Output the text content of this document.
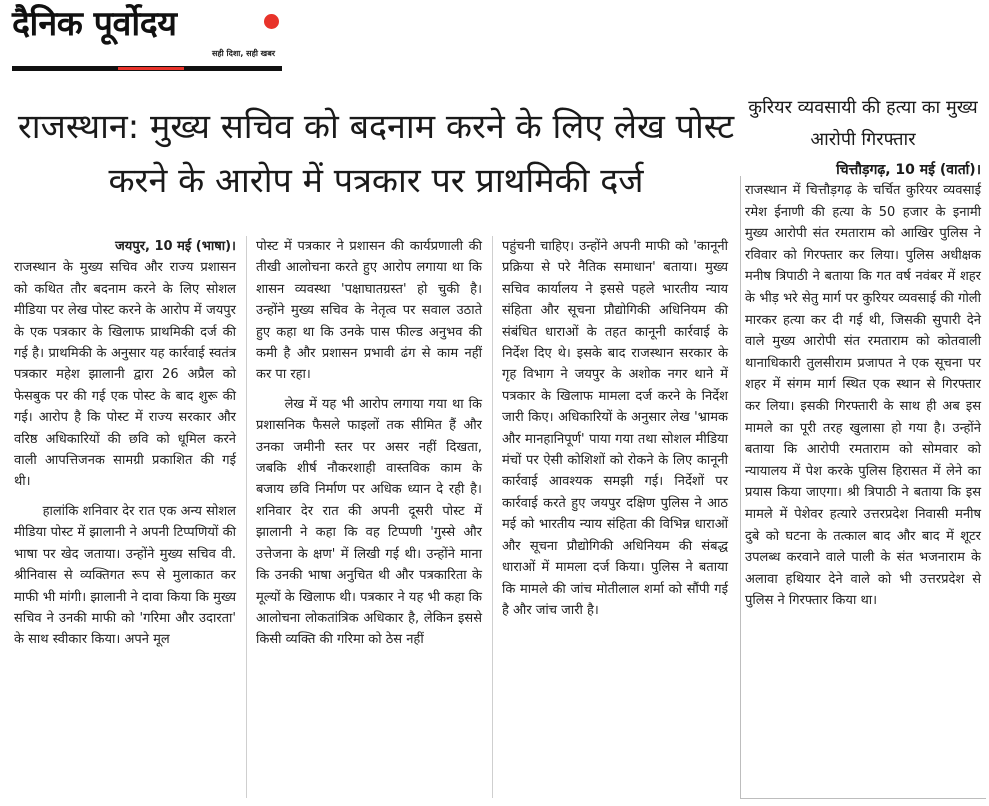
दैनिक पूर्वोदय
सही दिशा, सही खबर
राजस्थान: मुख्य सचिव को बदनाम करने के लिए लेख पोस्ट करने के आरोप में पत्रकार पर प्राथमिकी दर्ज

जयपुर, 10 मई (भाषा)।
राजस्थान के मुख्य सचिव और राज्य प्रशासन को कथित तौर बदनाम करने के लिए सोशल मीडिया पर लेख पोस्ट करने के आरोप में जयपुर के एक पत्रकार के खिलाफ प्राथमिकी दर्ज की गई है। प्राथमिकी के अनुसार यह कार्रवाई स्वतंत्र पत्रकार महेश झालानी द्वारा 26 अप्रैल को फेसबुक पर की गई एक पोस्ट के बाद शुरू की गई। आरोप है कि पोस्ट में राज्य सरकार और वरिष्ठ अधिकारियों की छवि को धूमिल करने वाली आपत्तिजनक सामग्री प्रकाशित की गई थी।

हालांकि शनिवार देर रात एक अन्य सोशल मीडिया पोस्ट में झालानी ने अपनी टिप्पणियों की भाषा पर खेद जताया। उन्होंने मुख्य सचिव वी. श्रीनिवास से व्यक्तिगत रूप से मुलाकात कर माफी भी मांगी। झालानी ने दावा किया कि मुख्य सचिव ने उनकी माफी को 'गरिमा और उदारता' के साथ स्वीकार किया। अपने मूल

पोस्ट में पत्रकार ने प्रशासन की कार्यप्रणाली की तीखी आलोचना करते हुए आरोप लगाया था कि शासन व्यवस्था 'पक्षाघातग्रस्त' हो चुकी है। उन्होंने मुख्य सचिव के नेतृत्व पर सवाल उठाते हुए कहा था कि उनके पास फील्ड अनुभव की कमी है और प्रशासन प्रभावी ढंग से काम नहीं कर पा रहा।

लेख में यह भी आरोप लगाया गया था कि प्रशासनिक फैसले फाइलों तक सीमित हैं और उनका जमीनी स्तर पर असर नहीं दिखता, जबकि शीर्ष नौकरशाही वास्तविक काम के बजाय छवि निर्माण पर अधिक ध्यान दे रही है। शनिवार देर रात की अपनी दूसरी पोस्ट में झालानी ने कहा कि वह टिप्पणी 'गुस्से और उत्तेजना के क्षण' में लिखी गई थी। उन्होंने माना कि उनकी भाषा अनुचित थी और पत्रकारिता के मूल्यों के खिलाफ थी। पत्रकार ने यह भी कहा कि आलोचना लोकतांत्रिक अधिकार है, लेकिन इससे किसी व्यक्ति की गरिमा को ठेस नहीं

पहुंचनी चाहिए। उन्होंने अपनी माफी को 'कानूनी प्रक्रिया से परे नैतिक समाधान' बताया। मुख्य सचिव कार्यालय ने इससे पहले भारतीय न्याय संहिता और सूचना प्रौद्योगिकी अधिनियम की संबंधित धाराओं के तहत कानूनी कार्रवाई के निर्देश दिए थे। इसके बाद राजस्थान सरकार के गृह विभाग ने जयपुर के अशोक नगर थाने में पत्रकार के खिलाफ मामला दर्ज करने के निर्देश जारी किए। अधिकारियों के अनुसार लेख 'भ्रामक और मानहानिपूर्ण' पाया गया तथा सोशल मीडिया मंचों पर ऐसी कोशिशों को रोकने के लिए कानूनी कार्रवाई आवश्यक समझी गई। निर्देशों पर कार्रवाई करते हुए जयपुर दक्षिण पुलिस ने आठ मई को भारतीय न्याय संहिता की विभिन्न धाराओं और सूचना प्रौद्योगिकी अधिनियम की संबद्ध धाराओं में मामला दर्ज किया। पुलिस ने बताया कि मामले की जांच मोतीलाल शर्मा को सौंपी गई है और जांच जारी है।

कुरियर व्यवसायी की हत्या का मुख्य आरोपी गिरफ्तार

चित्तौड़गढ़, 10 मई (वार्ता)।

राजस्थान में चित्तौड़गढ़ के चर्चित कुरियर व्यवसाई रमेश ईनाणी की हत्या के 50 हजार के इनामी मुख्य आरोपी संत रमताराम को आखिर पुलिस ने रविवार को गिरफ्तार कर लिया। पुलिस अधीक्षक मनीष त्रिपाठी ने बताया कि गत वर्ष नवंबर में शहर के भीड़ भरे सेतु मार्ग पर कुरियर व्यवसाई की गोली मारकर हत्या कर दी गई थी, जिसकी सुपारी देने वाले मुख्य आरोपी संत रमताराम को कोतवाली थानाधिकारी तुलसीराम प्रजापत ने एक सूचना पर शहर में संगम मार्ग स्थित एक स्थान से गिरफ्तार कर लिया। इसकी गिरफ्तारी के साथ ही अब इस मामले का पूरी तरह खुलासा हो गया है। उन्होंने बताया कि आरोपी रमताराम को सोमवार को न्यायालय में पेश करके पुलिस हिरासत में लेने का प्रयास किया जाएगा। श्री त्रिपाठी ने बताया कि इस मामले में पेशेवर हत्यारे उत्तरप्रदेश निवासी मनीष दुबे को घटना के तत्काल बाद और बाद में शूटर उपलब्ध करवाने वाले पाली के संत भजनाराम के अलावा हथियार देने वाले को भी उत्तरप्रदेश से पुलिस ने गिरफ्तार किया था।
